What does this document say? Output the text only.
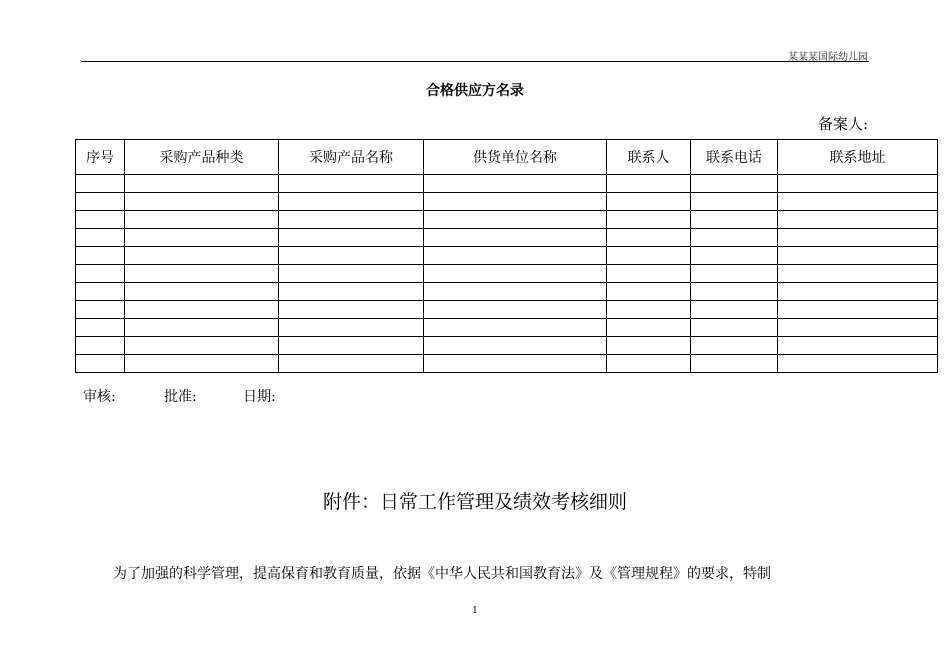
某某某国际幼儿园
合格供应方名录
备案人:
序号	采购产品种类	采购产品名称	供货单位名称	联系人	联系电话	联系地址

审核:	批准:	日期:
附件：日常工作管理及绩效考核细则
为了加强的科学管理，提高保育和教育质量，依据《中华人民共和国教育法》及《管理规程》的要求，特制
1
